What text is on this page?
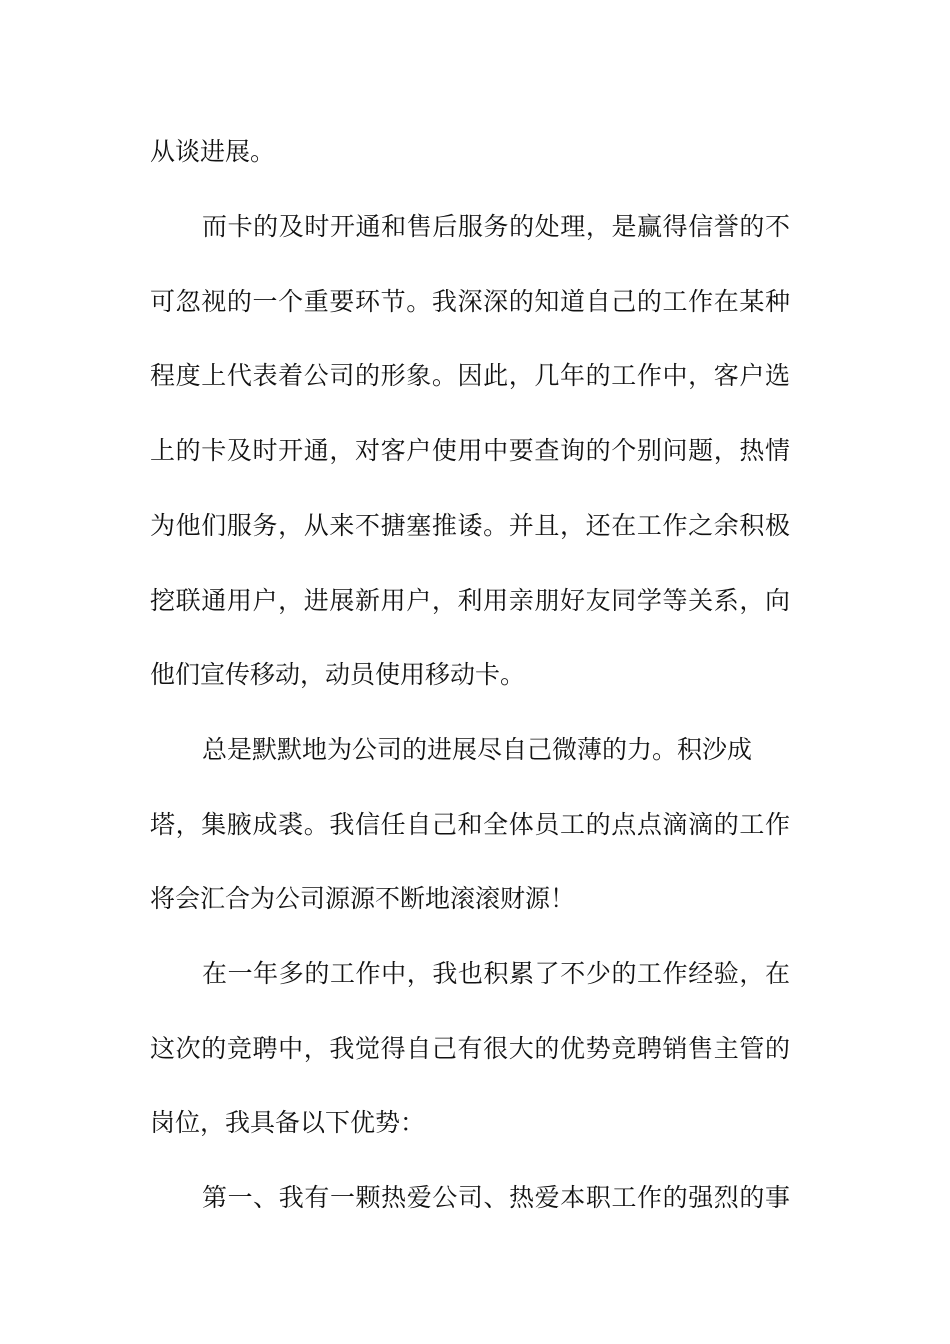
从谈进展。
而卡的及时开通和售后服务的处理，是赢得信誉的不
可忽视的一个重要环节。我深深的知道自己的工作在某种
程度上代表着公司的形象。因此，几年的工作中，客户选
上的卡及时开通，对客户使用中要查询的个别问题，热情
为他们服务，从来不搪塞推诿。并且，还在工作之余积极
挖联通用户，进展新用户，利用亲朋好友同学等关系，向
他们宣传移动，动员使用移动卡。
总是默默地为公司的进展尽自己微薄的力。积沙成
塔，集腋成裘。我信任自己和全体员工的点点滴滴的工作
将会汇合为公司源源不断地滚滚财源！
在一年多的工作中，我也积累了不少的工作经验，在
这次的竞聘中，我觉得自己有很大的优势竞聘销售主管的
岗位，我具备以下优势：
第一、我有一颗热爱公司、热爱本职工作的强烈的事
